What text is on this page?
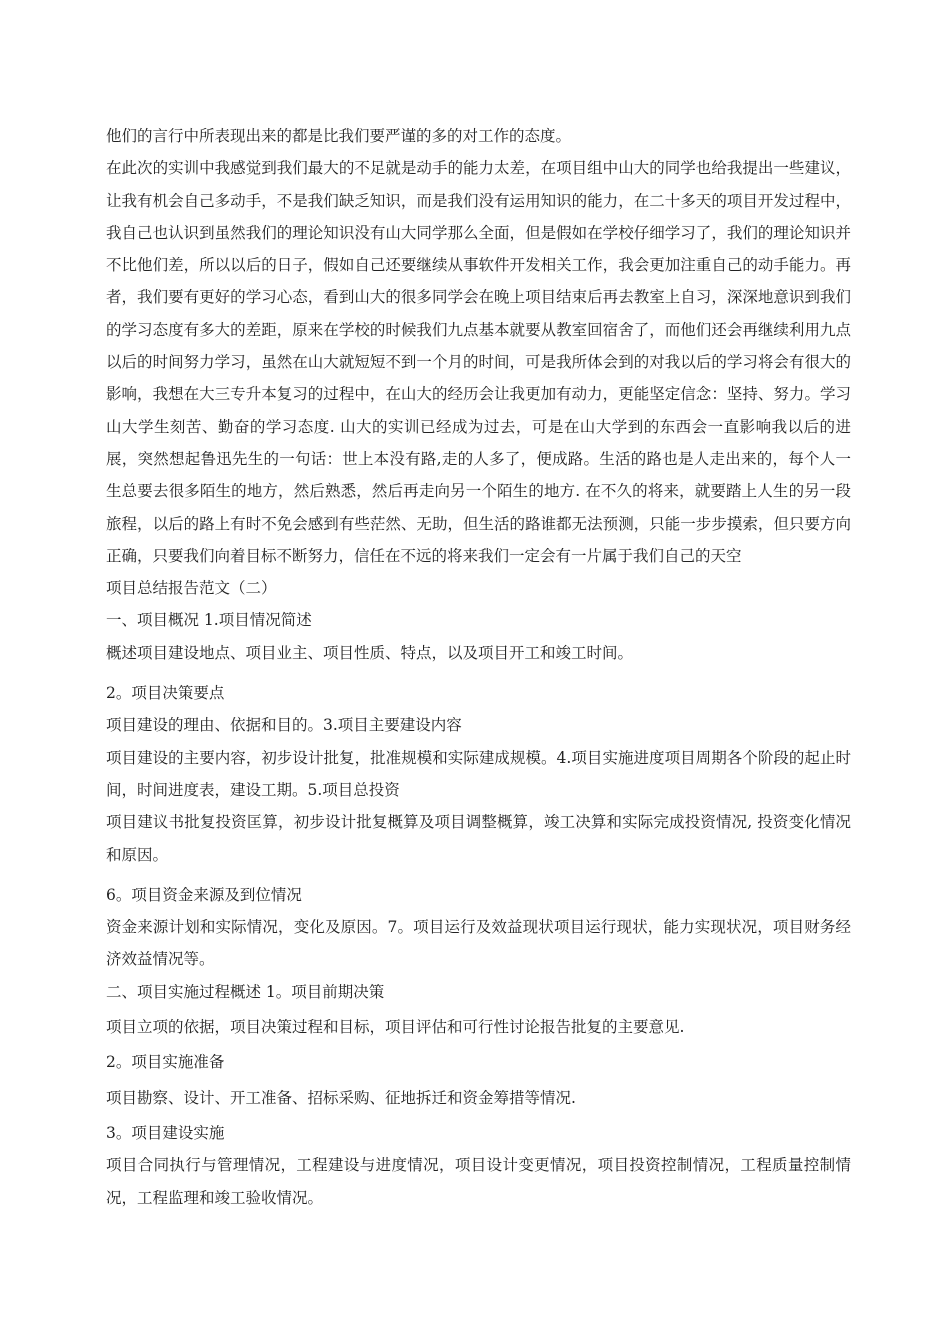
他们的言行中所表现出来的都是比我们要严谨的多的对工作的态度。

在此次的实训中我感觉到我们最大的不足就是动手的能力太差，在项目组中山大的同学也给我提出一些建议，让我有机会自己多动手，不是我们缺乏知识，而是我们没有运用知识的能力，在二十多天的项目开发过程中，我自己也认识到虽然我们的理论知识没有山大同学那么全面，但是假如在学校仔细学习了，我们的理论知识并不比他们差，所以以后的日子，假如自己还要继续从事软件开发相关工作，我会更加注重自己的动手能力。再者，我们要有更好的学习心态，看到山大的很多同学会在晚上项目结束后再去教室上自习，深深地意识到我们的学习态度有多大的差距，原来在学校的时候我们九点基本就要从教室回宿舍了，而他们还会再继续利用九点以后的时间努力学习，虽然在山大就短短不到一个月的时间，可是我所体会到的对我以后的学习将会有很大的影响，我想在大三专升本复习的过程中，在山大的经历会让我更加有动力，更能坚定信念：坚持、努力。学习山大学生刻苦、勤奋的学习态度. 山大的实训已经成为过去，可是在山大学到的东西会一直影响我以后的进展，突然想起鲁迅先生的一句话：世上本没有路,走的人多了，便成路。生活的路也是人走出来的，每个人一生总要去很多陌生的地方，然后熟悉，然后再走向另一个陌生的地方. 在不久的将来，就要踏上人生的另一段旅程，以后的路上有时不免会感到有些茫然、无助，但生活的路谁都无法预测，只能一步步摸索，但只要方向正确，只要我们向着目标不断努力，信任在不远的将来我们一定会有一片属于我们自己的天空

项目总结报告范文（二）

一、项目概况 1.项目情况简述

概述项目建设地点、项目业主、项目性质、特点，以及项目开工和竣工时间。

2。项目决策要点

项目建设的理由、依据和目的。3.项目主要建设内容

项目建设的主要内容，初步设计批复，批准规模和实际建成规模。4.项目实施进度项目周期各个阶段的起止时间，时间进度表，建设工期。5.项目总投资

项目建议书批复投资匡算，初步设计批复概算及项目调整概算，竣工决算和实际完成投资情况, 投资变化情况和原因。

6。项目资金来源及到位情况

资金来源计划和实际情况，变化及原因。7。项目运行及效益现状项目运行现状，能力实现状况，项目财务经济效益情况等。

二、项目实施过程概述 1。项目前期决策

项目立项的依据，项目决策过程和目标，项目评估和可行性讨论报告批复的主要意见.

2。项目实施准备

项目勘察、设计、开工准备、招标采购、征地拆迁和资金筹措等情况.

3。项目建设实施

项目合同执行与管理情况，工程建设与进度情况，项目设计变更情况，项目投资控制情况，工程质量控制情况，工程监理和竣工验收情况。
